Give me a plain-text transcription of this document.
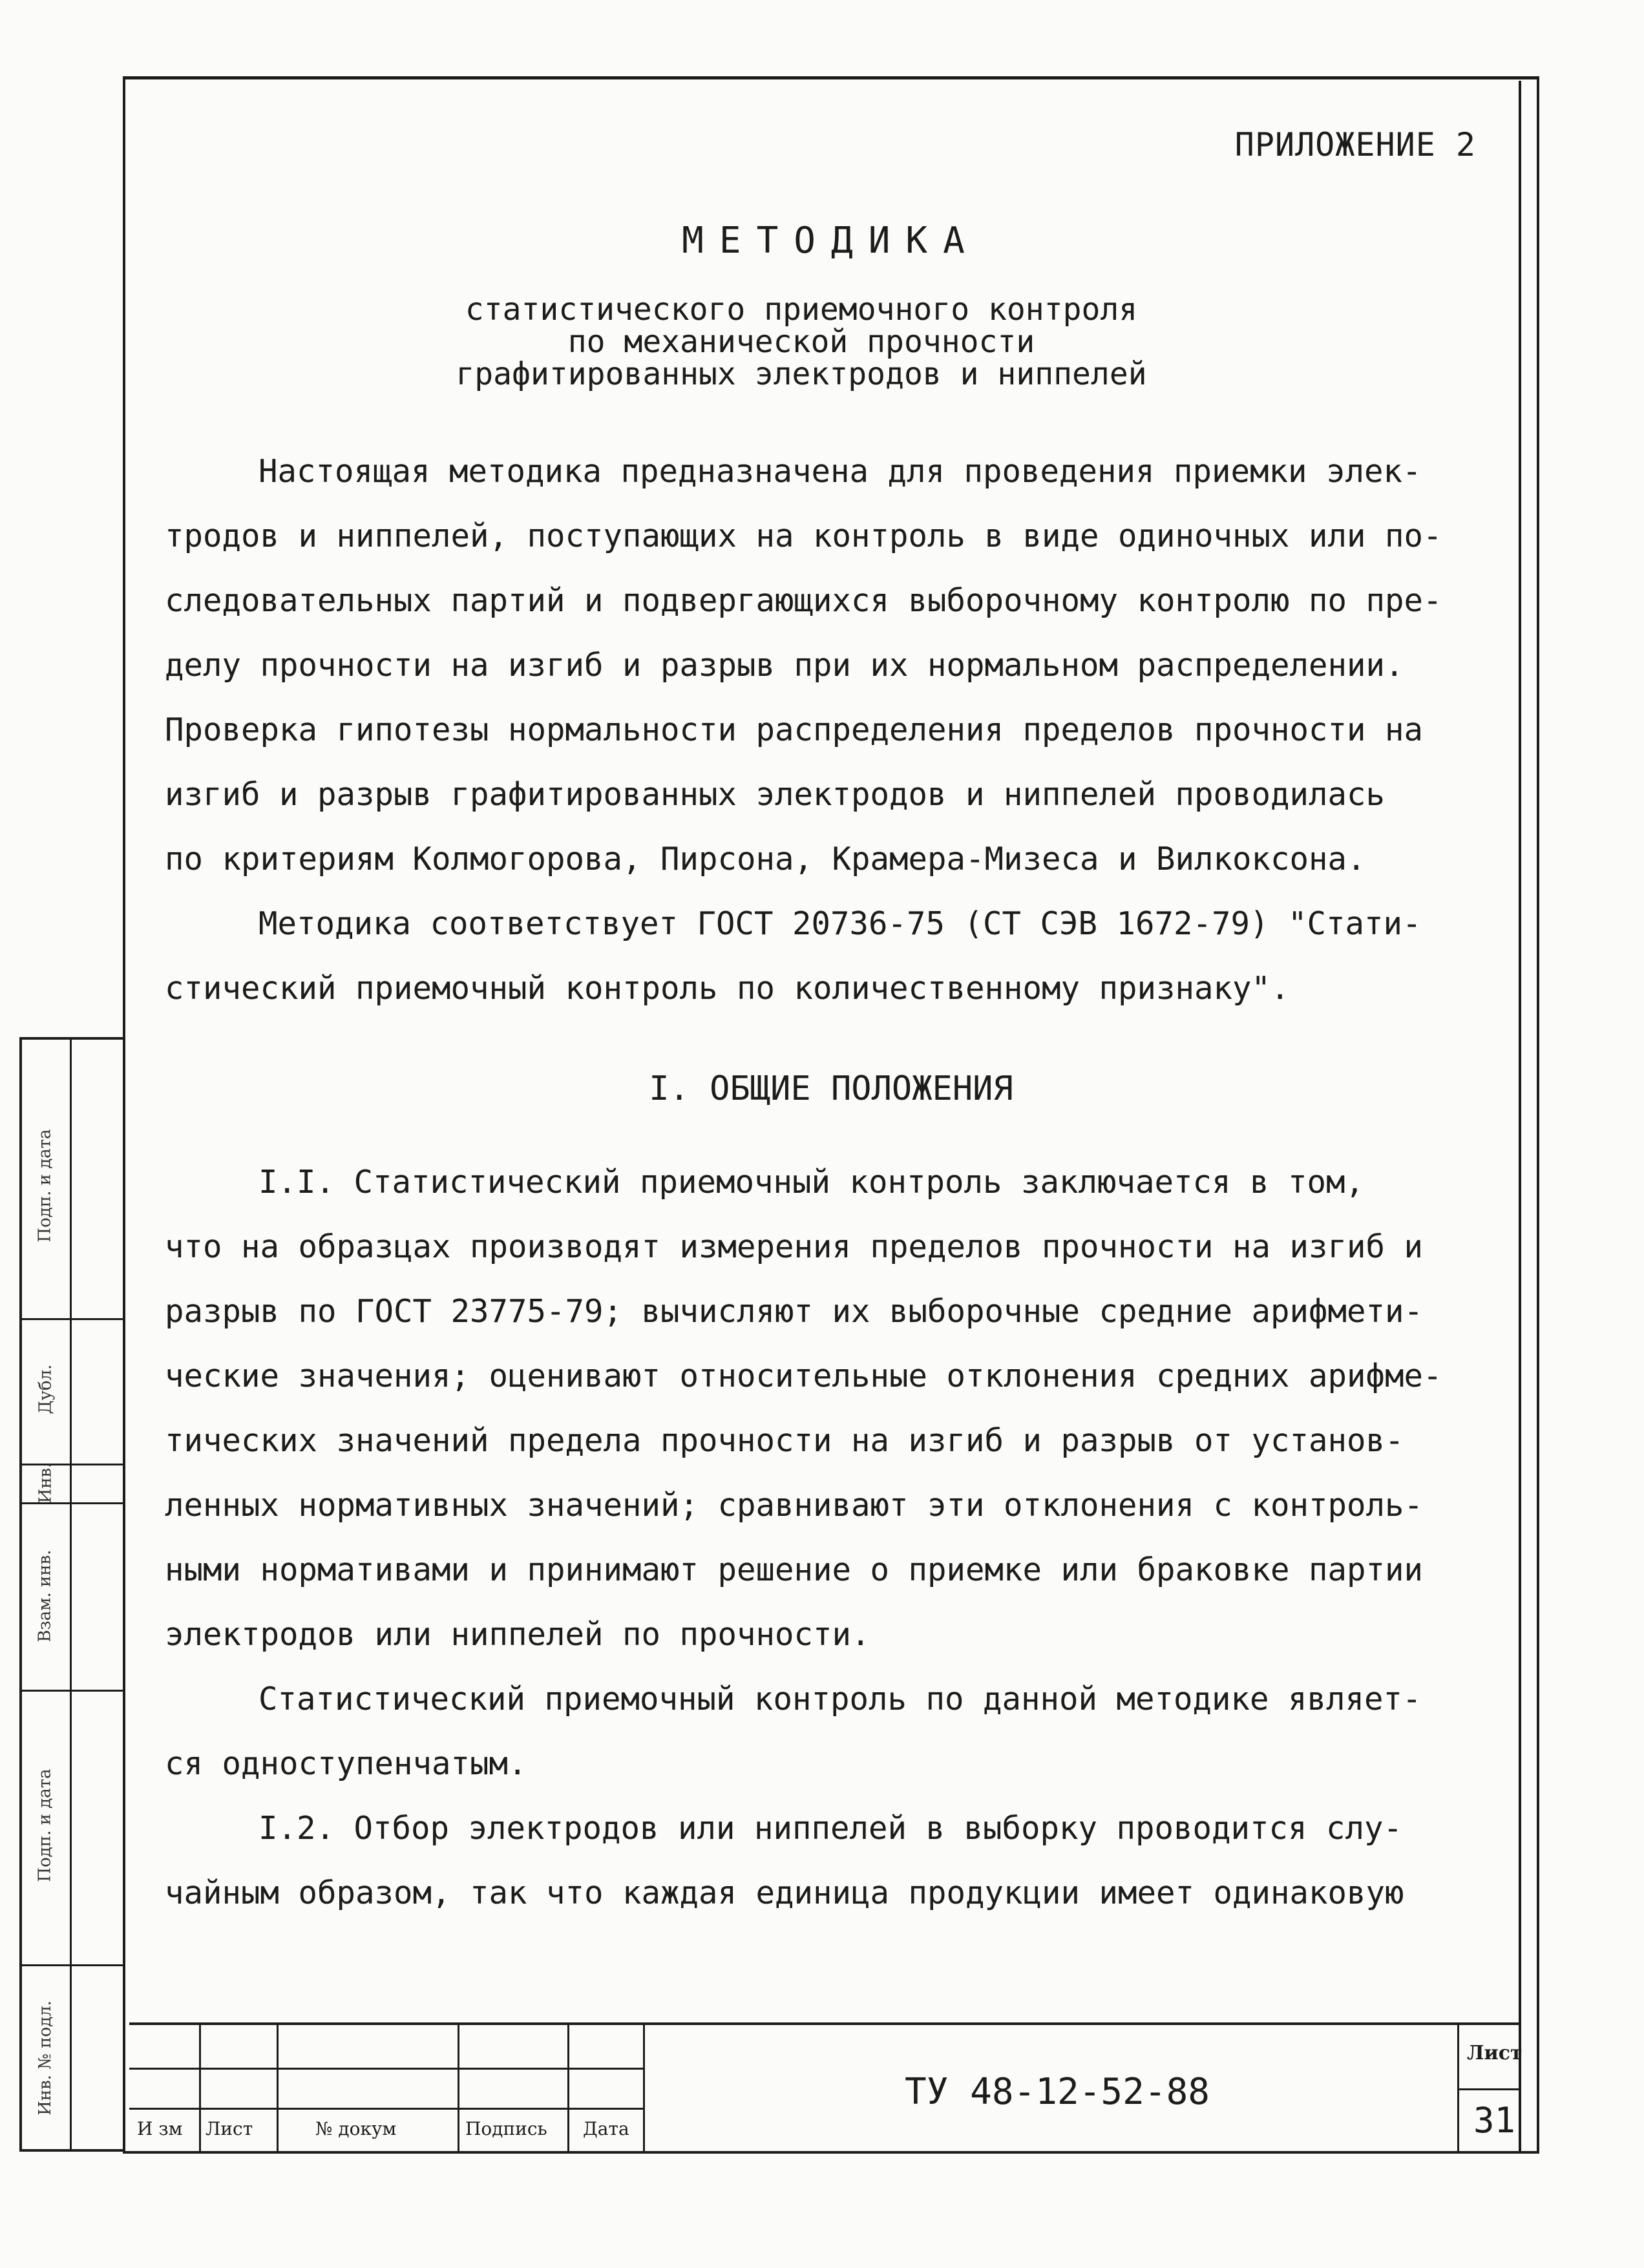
Подп. и дата
Дубл.
Инв.
Взам. инв.
Подп. и дата
Инв. № подл.
ПРИЛОЖЕНИЕ 2
МЕТОДИКА
статистического приемочного контроля
по механической прочности
графитированных электродов и ниппелей
Настоящая методика предназначена для проведения приемки элек-
тродов и ниппелей, поступающих на контроль в виде одиночных или по-
следовательных партий и подвергающихся выборочному контролю по пре-
делу прочности на изгиб и разрыв при их нормальном распределении.
Проверка гипотезы нормальности распределения пределов прочности на
изгиб и разрыв графитированных электродов и ниппелей проводилась
по критериям Колмогорова, Пирсона, Крамера-Мизеса и Вилкоксона.
Методика соответствует ГОСТ 20736-75 (СТ СЭВ 1672-79) "Стати-
стический приемочный контроль по количественному признаку".
I. ОБЩИЕ ПОЛОЖЕНИЯ
I.I. Статистический приемочный контроль заключается в том,
что на образцах производят измерения пределов прочности на изгиб и
разрыв по ГОСТ 23775-79; вычисляют их выборочные средние арифмети-
ческие значения; оценивают относительные отклонения средних арифме-
тических значений предела прочности на изгиб и разрыв от установ-
ленных нормативных значений; сравнивают эти отклонения с контроль-
ными нормативами и принимают решение о приемке или браковке партии
электродов или ниппелей по прочности.
Статистический приемочный контроль по данной методике являет-
ся одноступенчатым.
I.2. Отбор электродов или ниппелей в выборку проводится слу-
чайным образом, так что каждая единица продукции имеет одинаковую
И зм Лист	№ докум	Подпись Дата
ТУ 48-12-52-88
Лист
31
